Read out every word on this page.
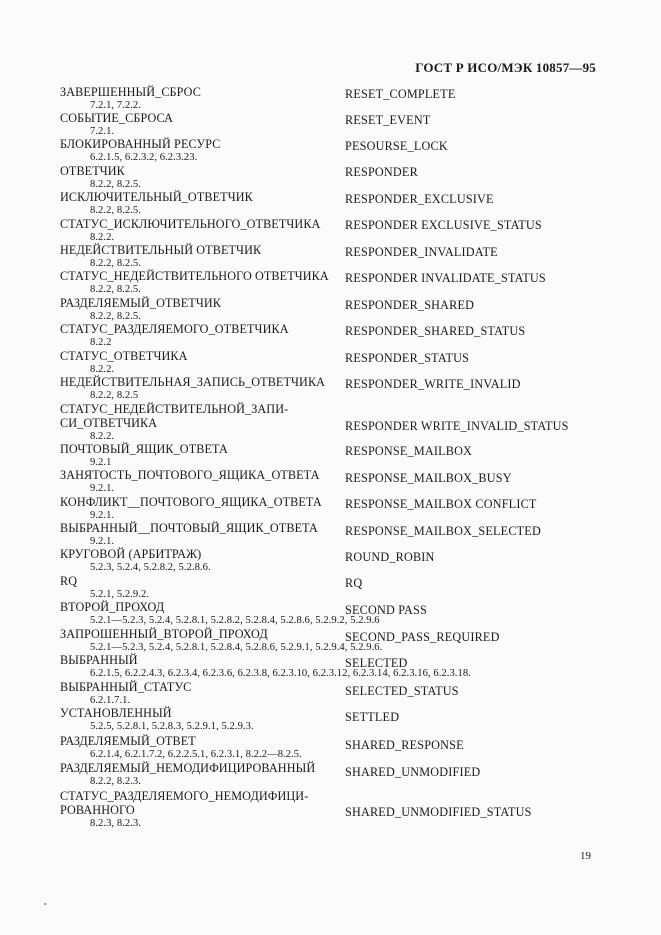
ГОСТ Р ИСО/МЭК 10857—95
ЗАВЕРШЕННЫЙ_СБРОС	RESET_COMPLETE
7.2.1, 7.2.2.
СОБЫТИЕ_СБРОСА	RESET_EVENT
7.2.1.
БЛОКИРОВАННЫЙ РЕСУРС	PESOURSE_LOCK
6.2.1.5, 6.2.3.2, 6.2.3.23.
ОТВЕТЧИК	RESPONDER
8.2.2, 8.2.5.
ИСКЛЮЧИТЕЛЬНЫЙ_ОТВЕТЧИК	RESPONDER_EXCLUSIVE
8.2.2, 8.2.5.
СТАТУС_ИСКЛЮЧИТЕЛЬНОГО_ОТВЕТЧИКА	RESPONDER EXCLUSIVE_STATUS
8.2.2.
НЕДЕЙСТВИТЕЛЬНЫЙ ОТВЕТЧИК	RESPONDER_INVALIDATE
8.2.2, 8.2.5.
СТАТУС_НЕДЕЙСТВИТЕЛЬНОГО ОТВЕТЧИКА	RESPONDER INVALIDATE_STATUS
8.2.2, 8.2.5.
РАЗДЕЛЯЕМЫЙ_ОТВЕТЧИК	RESPONDER_SHARED
8.2.2, 8.2.5.
СТАТУС_РАЗДЕЛЯЕМОГО_ОТВЕТЧИКА	RESPONDER_SHARED_STATUS
8.2.2
СТАТУС_ОТВЕТЧИКА	RESPONDER_STATUS
8.2.2.
НЕДЕЙСТВИТЕЛЬНАЯ_ЗАПИСЬ_ОТВЕТЧИКА	RESPONDER_WRITE_INVALID
8.2.2, 8.2.5
СТАТУС_НЕДЕЙСТВИТЕЛЬНОЙ_ЗАПИ-
СИ_ОТВЕТЧИКА	RESPONDER WRITE_INVALID_STATUS
8.2.2.
ПОЧТОВЫЙ_ЯЩИК_ОТВЕТА	RESPONSE_MAILBOX
9.2.1
ЗАНЯТОСТЬ_ПОЧТОВОГО_ЯЩИКА_ОТВЕТА	RESPONSE_MAILBOX_BUSY
9.2.1.
КОНФЛИКТ__ПОЧТОВОГО_ЯЩИКА_ОТВЕТА	RESPONSE_MAILBOX CONFLICT
9.2.1.
ВЫБРАННЫЙ__ПОЧТОВЫЙ_ЯЩИК_ОТВЕТА	RESPONSE_MAILBOX_SELECTED
9.2.1.
КРУГОВОЙ (АРБИТРАЖ)	ROUND_ROBIN
5.2.3, 5.2.4, 5.2.8.2, 5.2.8.6.
RQ	RQ
5.2.1, 5.2.9.2.
ВТОРОЙ_ПРОХОД	SECOND PASS
5.2.1—5.2.3, 5.2.4, 5.2.8.1, 5.2.8.2, 5.2.8.4, 5.2.8.6, 5.2.9.2, 5.2.9.6
ЗАПРОШЕННЫЙ_ВТОРОЙ_ПРОХОД	SECOND_PASS_REQUIRED
5.2.1—5.2.3, 5.2.4, 5.2.8.1, 5.2.8.4, 5.2.8.6, 5.2.9.1, 5.2.9.4, 5.2.9.6.
ВЫБРАННЫЙ	SELECTED
6.2.1.5, 6.2.2.4.3, 6.2.3.4, 6.2.3.6, 6.2.3.8, 6.2.3.10, 6.2.3.12, 6.2.3.14, 6.2.3.16, 6.2.3.18.
ВЫБРАННЫЙ_СТАТУС	SELECTED_STATUS
6.2.1.7.1.
УСТАНОВЛЕННЫЙ	SETTLED
5.2.5, 5.2.8.1, 5.2.8.3, 5.2.9.1, 5.2.9.3.
РАЗДЕЛЯЕМЫЙ_ОТВЕТ	SHARED_RESPONSE
6.2.1.4, 6.2.1.7.2, 6.2.2.5.1, 6.2.3.1, 8.2.2—8.2.5.
РАЗДЕЛЯЕМЫЙ_НЕМОДИФИЦИРОВАННЫЙ	SHARED_UNMODIFIED
8.2.2, 8.2.3.
СТАТУС_РАЗДЕЛЯЕМОГО_НЕМОДИФИЦИ-
РОВАННОГО	SHARED_UNMODIFIED_STATUS
8.2.3, 8.2.3.
19
